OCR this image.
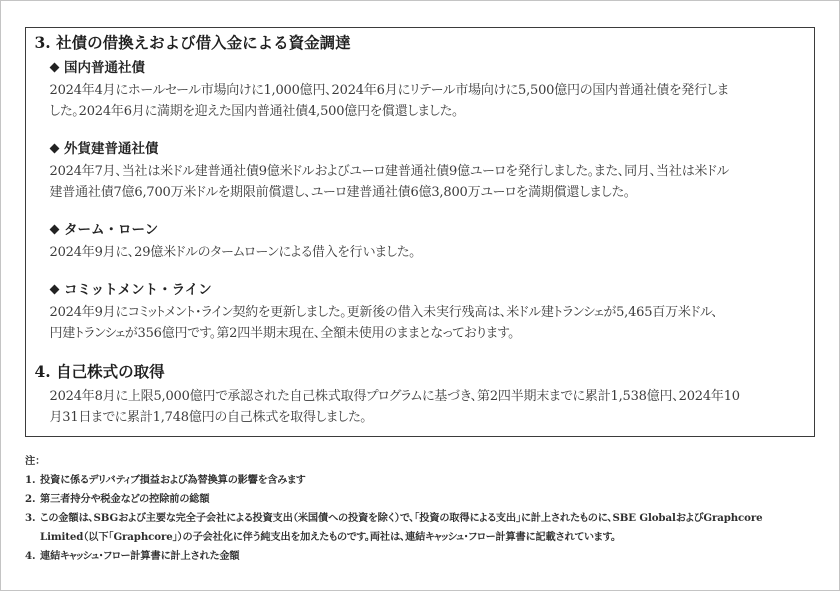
3. 社債の借換えおよび借入金による資金調達
国内普通社債
2024年4月にホールセール市場向けに1,000億円、2024年6月にリテール市場向けに5,500億円の国内普通社債を発行しま
した。2024年6月に満期を迎えた国内普通社債4,500億円を償還しました。
外貨建普通社債
2024年7月、当社は米ドル建普通社債9億米ドルおよびユーロ建普通社債9億ユーロを発行しました。また、同月、当社は米ドル
建普通社債7億6,700万米ドルを期限前償還し、ユーロ建普通社債6億3,800万ユーロを満期償還しました。
ターム・ローン
2024年9月に、29億米ドルのタームローンによる借入を行いました。
コミットメント・ライン
2024年9月にコミットメント・ライン契約を更新しました。更新後の借入未実行残高は、米ドル建トランシェが5,465百万米ドル、
円建トランシェが356億円です。第2四半期末現在、全額未使用のままとなっております。
4. 自己株式の取得
2024年8月に上限5,000億円で承認された自己株式取得プログラムに基づき、第2四半期末までに累計1,538億円、2024年10
月31日までに累計1,748億円の自己株式を取得しました。
注：
1. 投資に係るデリバティブ損益および為替換算の影響を含みます
2. 第三者持分や税金などの控除前の総額
3. この金額は、SBGおよび主要な完全子会社による投資支出（米国債への投資を除く）で、「投資の取得による支出」に計上されたものに、SBE GlobalおよびGraphcore
Limited（以下「Graphcore」）の子会社化に伴う純支出を加えたものです。両社は、連結キャッシュ・フロー計算書に記載されています。
4. 連結キャッシュ・フロー計算書に計上された金額
